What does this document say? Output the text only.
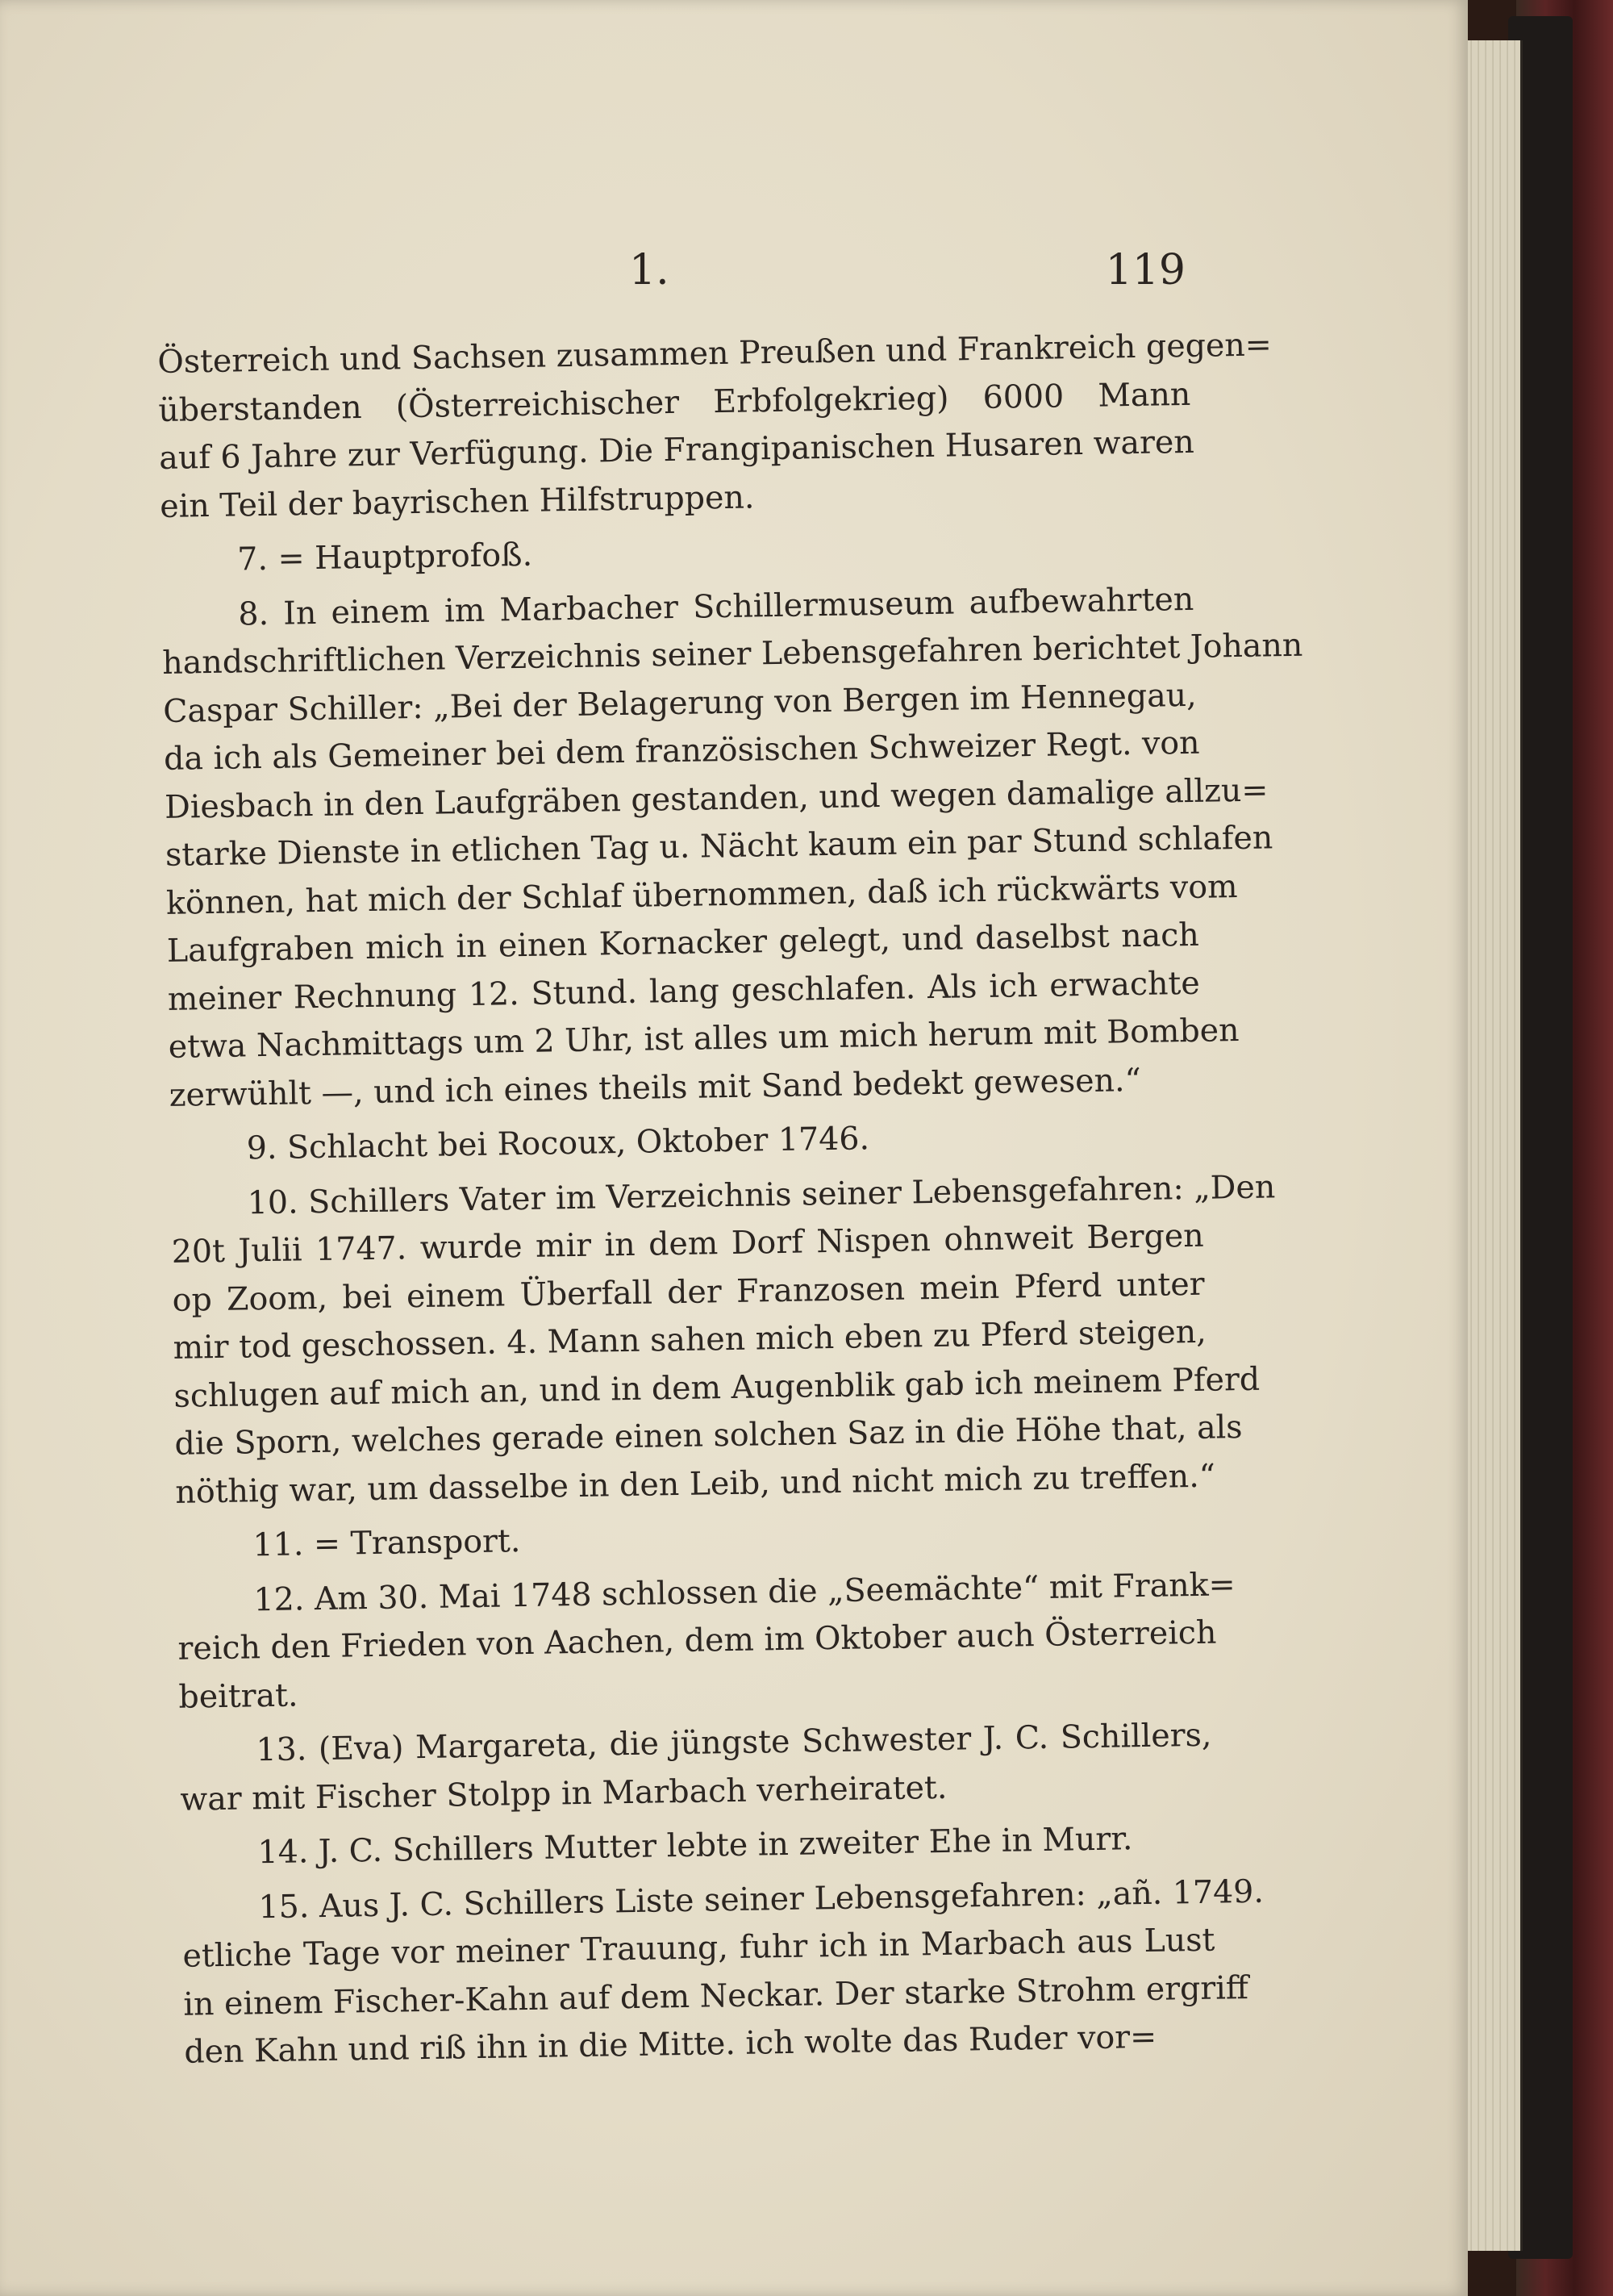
1.	119
Österreich und Sachsen zusammen Preußen und Frankreich gegen=
überstanden (Österreichischer Erbfolgekrieg) 6000 Mann
auf 6 Jahre zur Verfügung. Die Frangipanischen Husaren waren
ein Teil der bayrischen Hilfstruppen.
7. = Hauptprofoß.
8. In einem im Marbacher Schillermuseum aufbewahrten
handschriftlichen Verzeichnis seiner Lebensgefahren berichtet Johann
Caspar Schiller: „Bei der Belagerung von Bergen im Hennegau,
da ich als Gemeiner bei dem französischen Schweizer Regt. von
Diesbach in den Laufgräben gestanden, und wegen damalige allzu=
starke Dienste in etlichen Tag u. Nächt kaum ein par Stund schlafen
können, hat mich der Schlaf übernommen, daß ich rückwärts vom
Laufgraben mich in einen Kornacker gelegt, und daselbst nach
meiner Rechnung 12. Stund. lang geschlafen. Als ich erwachte
etwa Nachmittags um 2 Uhr, ist alles um mich herum mit Bomben
zerwühlt —, und ich eines theils mit Sand bedekt gewesen.“
9. Schlacht bei Rocoux, Oktober 1746.
10. Schillers Vater im Verzeichnis seiner Lebensgefahren: „Den
20t Julii 1747. wurde mir in dem Dorf Nispen ohnweit Bergen
op Zoom, bei einem Überfall der Franzosen mein Pferd unter
mir tod geschossen. 4. Mann sahen mich eben zu Pferd steigen,
schlugen auf mich an, und in dem Augenblik gab ich meinem Pferd
die Sporn, welches gerade einen solchen Saz in die Höhe that, als
nöthig war, um dasselbe in den Leib, und nicht mich zu treffen.“
11. = Transport.
12. Am 30. Mai 1748 schlossen die „Seemächte“ mit Frank=
reich den Frieden von Aachen, dem im Oktober auch Österreich
beitrat.
13. (Eva) Margareta, die jüngste Schwester J. C. Schillers,
war mit Fischer Stolpp in Marbach verheiratet.
14. J. C. Schillers Mutter lebte in zweiter Ehe in Murr.
15. Aus J. C. Schillers Liste seiner Lebensgefahren: „añ. 1749.
etliche Tage vor meiner Trauung, fuhr ich in Marbach aus Lust
in einem Fischer-Kahn auf dem Neckar. Der starke Strohm ergriff
den Kahn und riß ihn in die Mitte. ich wolte das Ruder vor=
